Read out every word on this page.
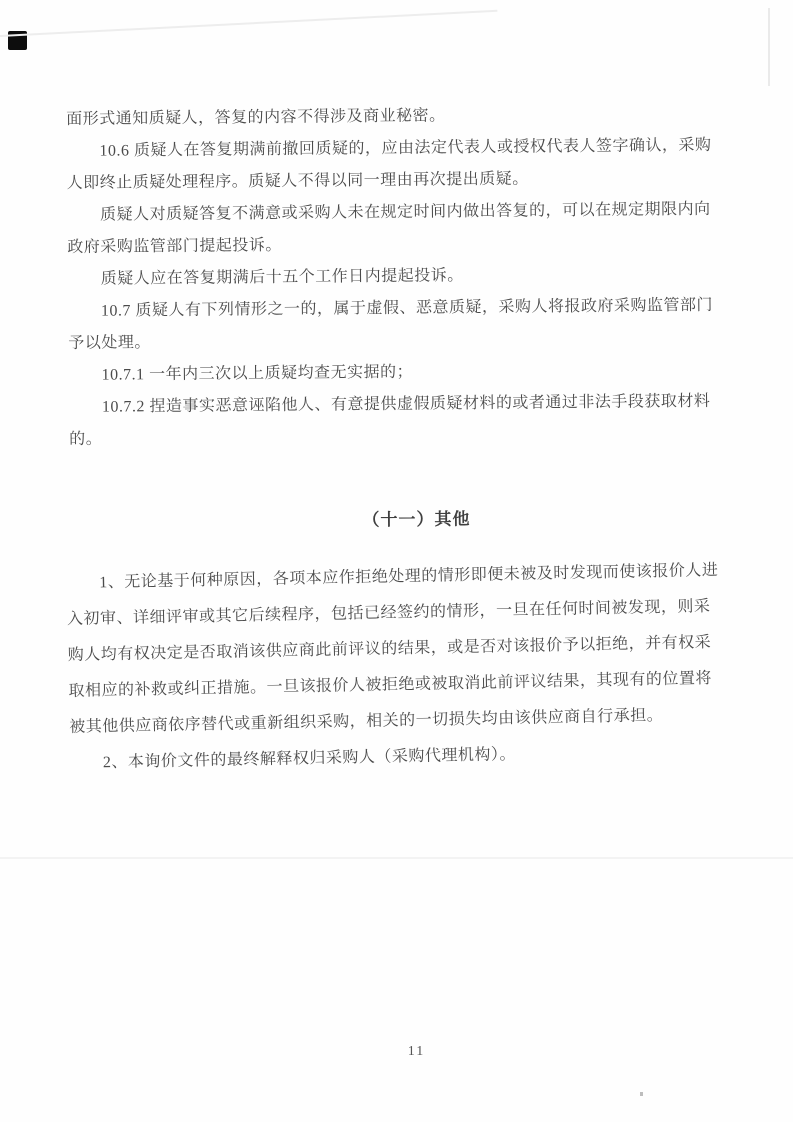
面形式通知质疑人，答复的内容不得涉及商业秘密。
10.6 质疑人在答复期满前撤回质疑的，应由法定代表人或授权代表人签字确认，采购
人即终止质疑处理程序。质疑人不得以同一理由再次提出质疑。
质疑人对质疑答复不满意或采购人未在规定时间内做出答复的，可以在规定期限内向
政府采购监管部门提起投诉。
质疑人应在答复期满后十五个工作日内提起投诉。
10.7 质疑人有下列情形之一的，属于虚假、恶意质疑，采购人将报政府采购监管部门
予以处理。
10.7.1 一年内三次以上质疑均查无实据的；
10.7.2 捏造事实恶意诬陷他人、有意提供虚假质疑材料的或者通过非法手段获取材料
的。
（十一）其他
1、无论基于何种原因，各项本应作拒绝处理的情形即便未被及时发现而使该报价人进
入初审、详细评审或其它后续程序，包括已经签约的情形，一旦在任何时间被发现，则采
购人均有权决定是否取消该供应商此前评议的结果，或是否对该报价予以拒绝，并有权采
取相应的补救或纠正措施。一旦该报价人被拒绝或被取消此前评议结果，其现有的位置将
被其他供应商依序替代或重新组织采购，相关的一切损失均由该供应商自行承担。
2、本询价文件的最终解释权归采购人（采购代理机构）。
11
